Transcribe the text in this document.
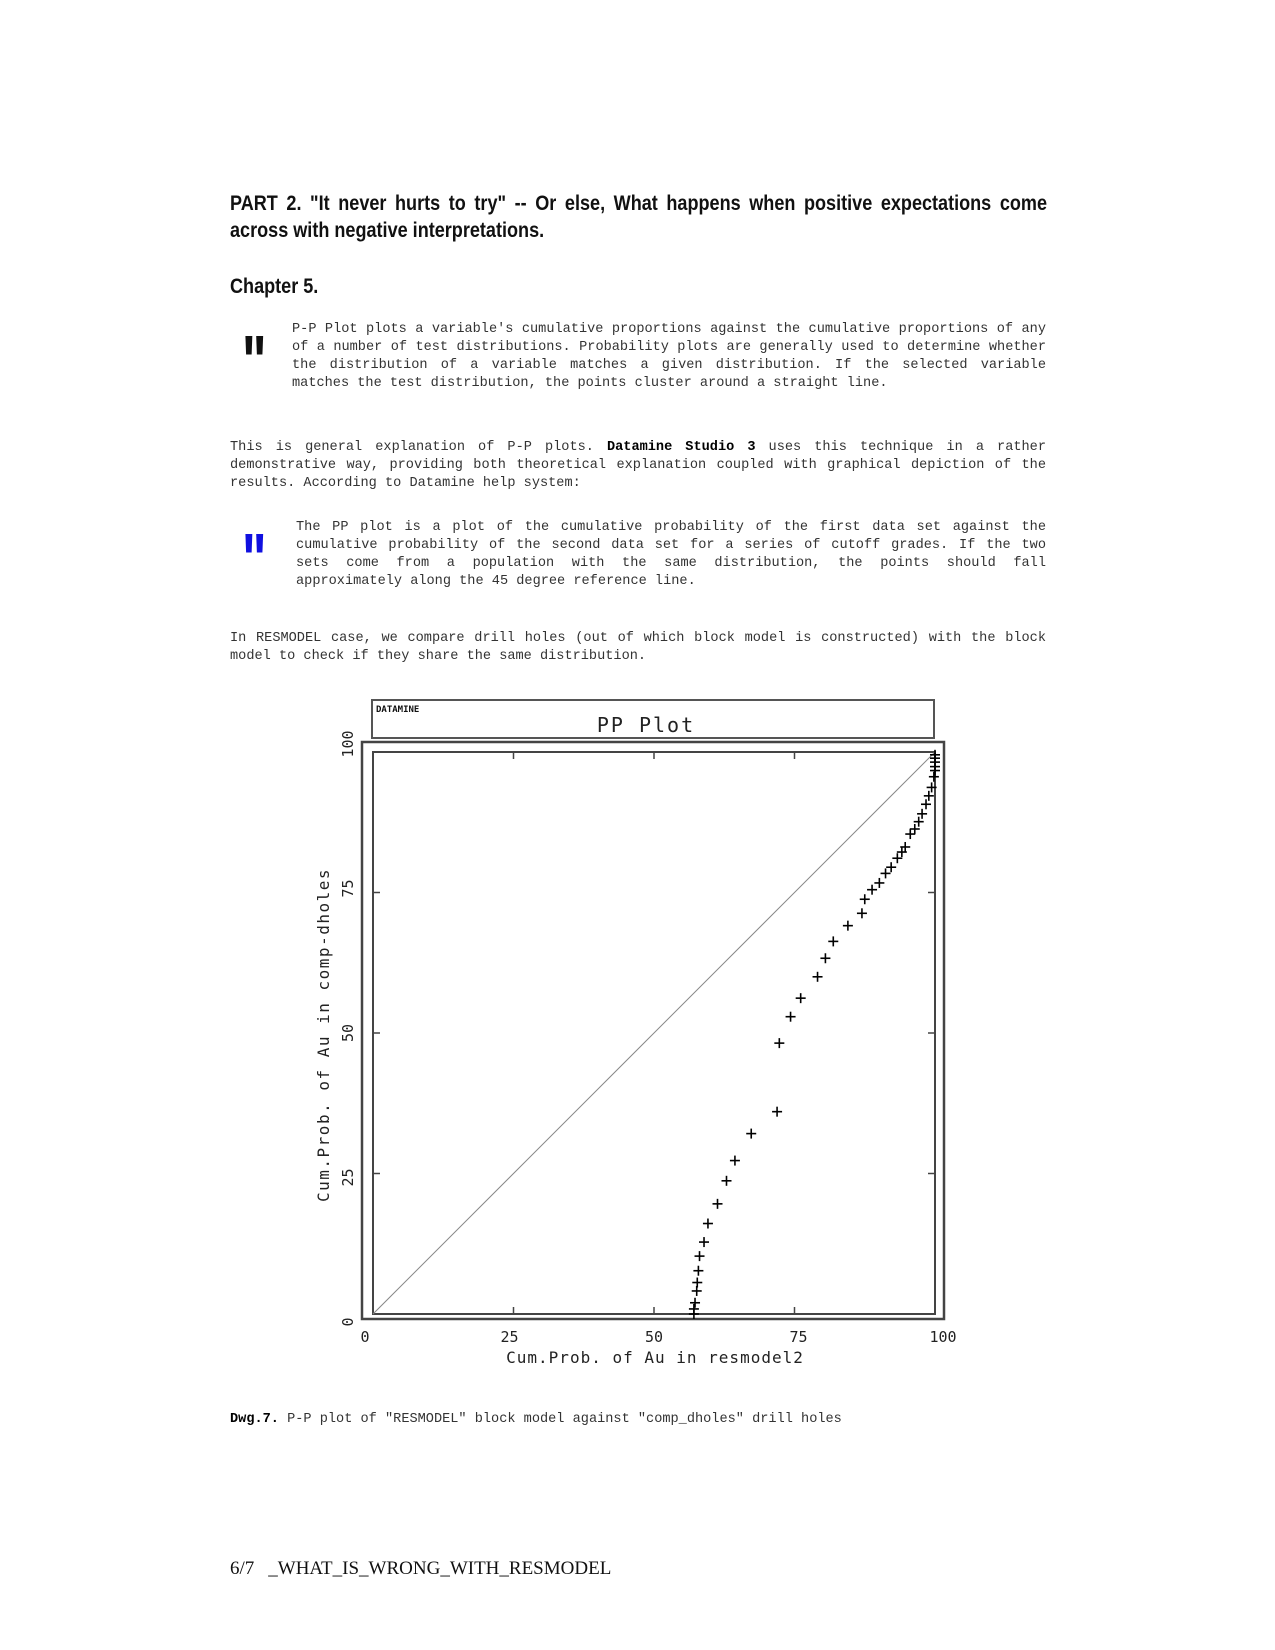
PART 2. "It never hurts to try" -- Or else, What happens when positive expectations come across with negative interpretations.
Chapter 5.
" P-P Plot plots a variable's cumulative proportions against the cumulative proportions of any of a number of test distributions. Probability plots are generally used to determine whether the distribution of a variable matches a given distribution. If the selected variable matches the test distribution, the points cluster around a straight line.
This is general explanation of P-P plots. Datamine Studio 3 uses this technique in a rather demonstrative way, providing both theoretical explanation coupled with graphical depiction of the results. According to Datamine help system:
" The PP plot is a plot of the cumulative probability of the first data set against the cumulative probability of the second data set for a series of cutoff grades. If the two sets come from a population with the same distribution, the points should fall approximately along the 45 degree reference line.
In RESMODEL case, we compare drill holes (out of which block model is constructed) with the block model to check if they share the same distribution.
DATAMINE
PP Plot
0	25	50	75	100
0
25
50
75
100
Cum.Prob. of Au in resmodel2
Cum.Prob. of Au in comp-dholes
Dwg.7. P-P plot of "RESMODEL" block model against "comp_dholes" drill holes
6/7 _WHAT_IS_WRONG_WITH_RESMODEL
